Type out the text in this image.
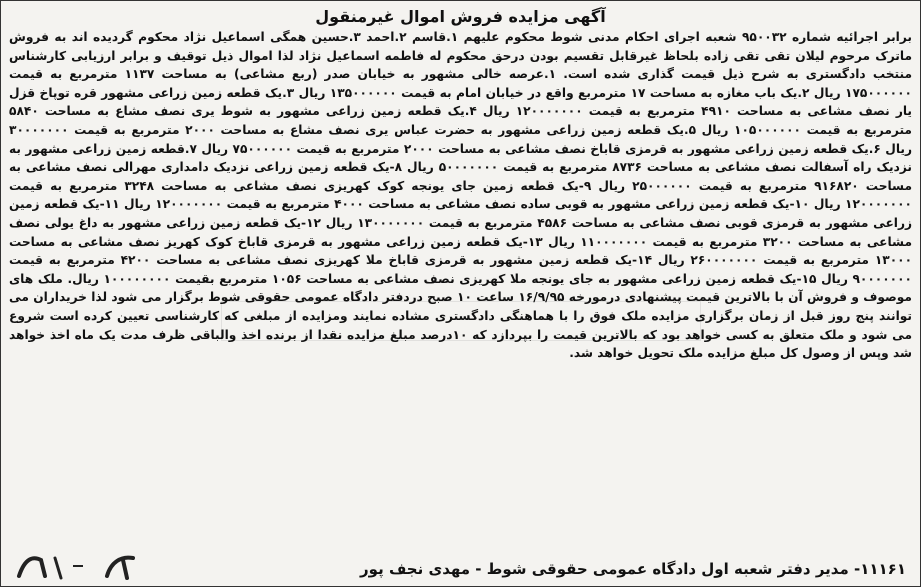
آگهی مزایده فروش اموال غیرمنقول

برابر اجرائیه شماره ۹۵۰۰۳۲ شعبه اجرای احکام مدنی شوط محکوم علیهم ۱.قاسم ۲.احمد ۳.حسین همگی اسماعیل نژاد محکوم گردیده اند به فروش ماترک مرحوم لیلان تقی تقی زاده بلحاظ غیرقابل تقسیم بودن درحق محکوم له فاطمه اسماعیل نژاد لذا اموال ذیل توقیف و برابر ارزیابی کارشناس منتخب دادگستری به شرح ذیل قیمت گذاری شده است. ۱.عرصه خالی مشهور به خیابان صدر (ربع مشاعی) به مساحت ۱۱۳۷ مترمربع به قیمت ۱۷۵۰۰۰۰۰۰ ریال ۲.یک باب مغازه به مساحت ۱۷ مترمربع واقع در خیابان امام به قیمت ۱۳۵۰۰۰۰۰۰ ریال ۳.یک قطعه زمین زراعی مشهور قره توپاخ قزل یار نصف مشاعی به مساحت ۴۹۱۰ مترمربع به قیمت ۱۲۰۰۰۰۰۰۰ ریال ۴.یک قطعه زمین زراعی مشهور به شوط یری نصف مشاع به مساحت ۵۸۴۰ مترمربع به قیمت ۱۰۵۰۰۰۰۰۰ ریال ۵.یک قطعه زمین زراعی مشهور به حضرت عباس یری نصف مشاع به مساحت ۲۰۰۰ مترمربع به قیمت ۳۰۰۰۰۰۰۰ ریال ۶.یک قطعه زمین زراعی مشهور به قرمزی قاباخ نصف مشاعی به مساحت ۲۰۰۰ مترمربع به قیمت ۷۵۰۰۰۰۰۰ ریال ۷.قطعه زمین زراعی مشهور به نزدیک راه آسفالت نصف مشاعی به مساحت ۸۷۳۶ مترمربع به قیمت ۵۰۰۰۰۰۰۰ ریال ۸-یک قطعه زمین زراعی نزدیک دامداری مهرالی نصف مشاعی به مساحت ۹۱۶۸۲۰ مترمربع به قیمت ۲۵۰۰۰۰۰۰ ریال ۹-یک قطعه زمین جای یونجه کوک کهریزی نصف مشاعی به مساحت ۳۲۴۸ مترمربع به قیمت ۱۲۰۰۰۰۰۰۰ ریال ۱۰-یک قطعه زمین زراعی مشهور به قوبی ساده نصف مشاعی به مساحت ۴۰۰۰ مترمربع به قیمت ۱۲۰۰۰۰۰۰۰ ریال ۱۱-یک قطعه زمین زراعی مشهور به قرمزی قوبی نصف مشاعی به مساحت ۴۵۸۶ مترمربع به قیمت ۱۳۰۰۰۰۰۰۰ ریال ۱۲-یک قطعه زمین زراعی مشهور به داغ یولی نصف مشاعی به مساحت ۳۲۰۰ مترمربع به قیمت ۱۱۰۰۰۰۰۰۰ ریال ۱۳-یک قطعه زمین زراعی مشهور به قرمزی قاباخ کوک کهریز نصف مشاعی به مساحت ۱۳۰۰۰ مترمربع به قیمت ۲۶۰۰۰۰۰۰۰ ریال ۱۴-یک قطعه زمین مشهور به قرمزی قاباخ ملا کهریزی نصف مشاعی به مساحت ۴۲۰۰ مترمربع به قیمت ۹۰۰۰۰۰۰۰ ریال ۱۵-یک قطعه زمین زراعی مشهور به جای یونجه ملا کهریزی نصف مشاعی به مساحت ۱۰۵۶ مترمربع بقیمت ۱۰۰۰۰۰۰۰۰ ریال. ملک های موصوف و فروش آن با بالاترین قیمت پیشنهادی درمورخه ۱۶/۹/۹۵ ساعت ۱۰ صبح دردفتر دادگاه عمومی حقوقی شوط برگزار می شود لذا خریداران می توانند پنج روز قبل از زمان برگزاری مزایده ملک فوق را با هماهنگی دادگستری مشاده نمایند ومزایده از مبلغی که کارشناسی تعیین کرده است شروع می شود و ملک متعلق به کسی خواهد بود که بالاترین قیمت را بپردازد که ۱۰درصد مبلغ مزایده نقدا از برنده اخذ والباقی ظرف مدت یک ماه اخذ خواهد شد وپس از وصول کل مبلغ مزایده ملک تحویل خواهد شد.

۱۱۱۶۱- مدیر دفتر شعبه اول دادگاه عمومی حقوقی شوط - مهدی نجف پور
